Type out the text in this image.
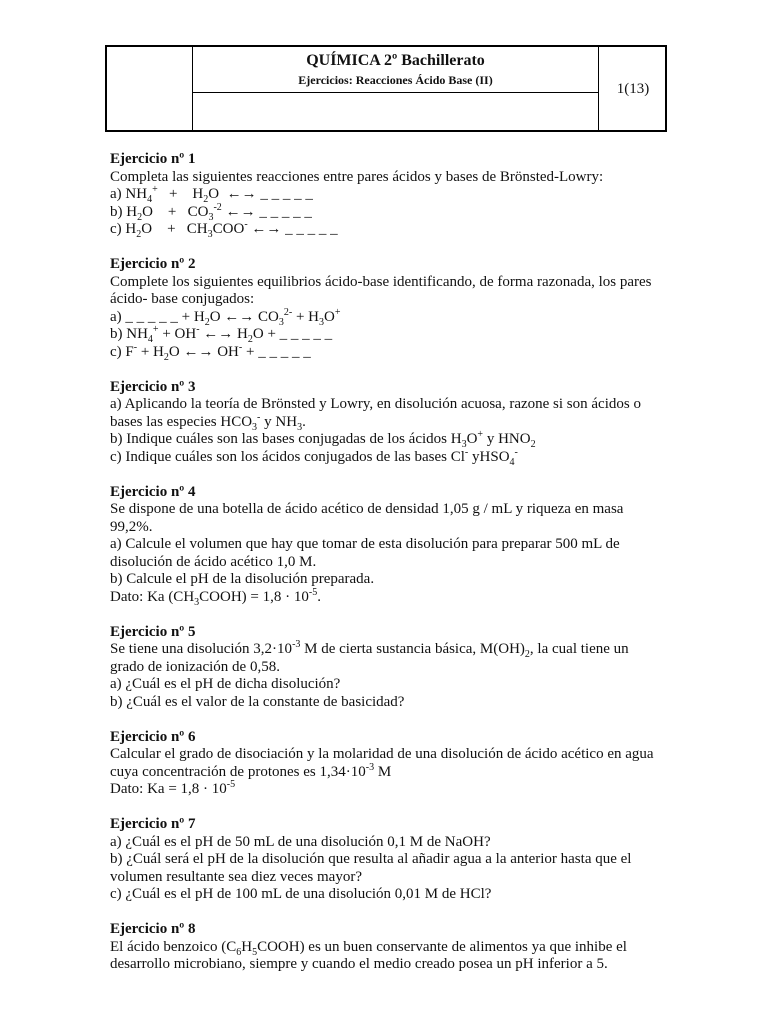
QUÍMICA 2º Bachillerato
Ejercicios: Reacciones Ácido Base (II)
1(13)
Ejercicio nº 1

Completa las siguientes reacciones entre pares ácidos y bases de Brönsted-Lowry:

a) $NH_4^+$   +    $H_2O$  ←→ _ _ _ _ _

b) $H_2O$    +   $CO_3^{-2}$ ←→ _ _ _ _ _

c) $H_2O$    +   $CH_3COO^-$ ←→ _ _ _ _ _

Ejercicio nº 2

Complete los siguientes equilibrios ácido-base identificando, de forma razonada, los pares ácido- base conjugados:

a) _ _ _ _ _ + $H_2O$ ←→ $CO_3^{2-} + H_3O^+$

b) $NH_4^+ + OH^-$ ←→ $H_2O$ + _ _ _ _ _

c) $F^- + H_2O$ ←→ OH- + _ _ _ _ _

Ejercicio nº 3

a) Aplicando la teoría de Brönsted y Lowry, en disolución acuosa, razone si son ácidos o bases las especies $HCO_3^-$ y $NH_3$.

b) Indique cuáles son las bases conjugadas de los ácidos $H_3O^+$ y $HNO_2$

c) Indique cuáles son los ácidos conjugados de las bases Cl- yHSO$_4$-

Ejercicio nº 4

Se dispone de una botella de ácido acético de densidad 1,05 g / mL y riqueza en masa 99,2%.

a) Calcule el volumen que hay que tomar de esta disolución para preparar 500 mL de disolución de ácido acético 1,0 M.

b) Calcule el pH de la disolución preparada.

Dato: Ka $(CH_3COOH) = 1,8 \cdot 10^{-5}$.

Ejercicio nº 5

Se tiene una disolución $3,2\cdot 10^{-3}$ M de cierta sustancia básica, $M(OH)_2$, la cual tiene un grado de ionización de 0,58.

a) ¿Cuál es el pH de dicha disolución?

b) ¿Cuál es el valor de la constante de basicidad?

Ejercicio nº 6

Calcular el grado de disociación y la molaridad de una disolución de ácido acético en agua cuya concentración de protones es $1,34\cdot 10^{-3}$ M

Dato: $Ka = 1,8 \cdot 10^{-5}$

Ejercicio nº 7

a) ¿Cuál es el pH de 50 mL de una disolución 0,1 M de NaOH?

b) ¿Cuál será el pH de la disolución que resulta al añadir agua a la anterior hasta que el volumen resultante sea diez veces mayor?

c) ¿Cuál es el pH de 100 mL de una disolución 0,01 M de HCl?

Ejercicio nº 8

El ácido benzoico $(C_6H_5COOH)$ es un buen conservante de alimentos ya que inhibe el desarrollo microbiano, siempre y cuando el medio creado posea un pH inferior a 5.
